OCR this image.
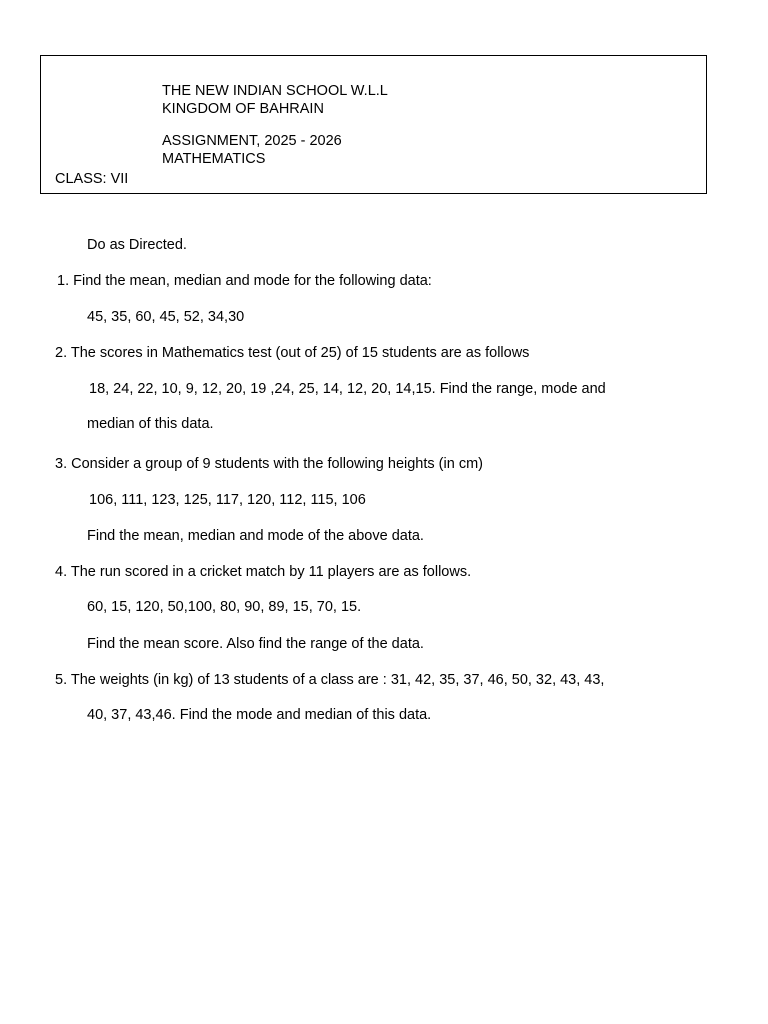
THE NEW INDIAN SCHOOL W.L.L
KINGDOM OF BAHRAIN
ASSIGNMENT, 2025 - 2026
MATHEMATICS
CLASS: VII
Do as Directed.
1. Find the mean, median and mode for the following data:
45, 35, 60, 45, 52, 34,30
2. The scores in Mathematics test (out of 25) of 15 students are as follows
18, 24, 22, 10, 9, 12, 20, 19 ,24, 25, 14, 12, 20, 14,15. Find the range, mode and
median of this data.
3. Consider a group of 9 students with the following heights (in cm)
106, 111, 123, 125, 117, 120, 112, 115, 106
Find the mean, median and mode of the above data.
4. The run scored in a cricket match by 11 players are as follows.
60, 15, 120, 50,100, 80, 90, 89, 15, 70, 15.
Find the mean score. Also find the range of the data.
5. The weights (in kg) of 13 students of a class are : 31, 42, 35, 37, 46, 50, 32, 43, 43,
40, 37, 43,46. Find the mode and median of this data.
